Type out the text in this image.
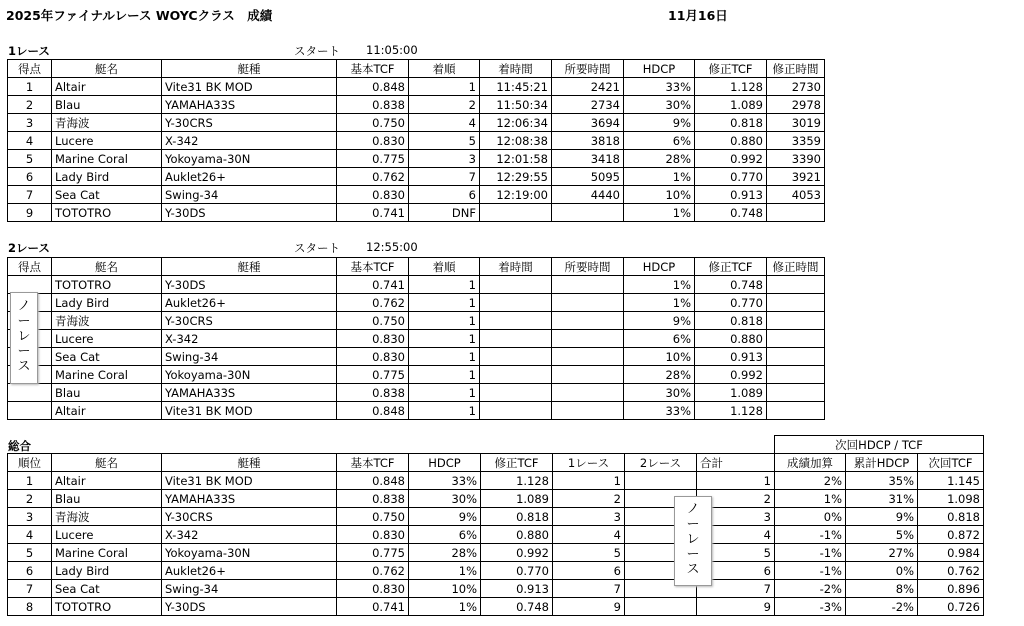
2025年ファイナルレース WOYCクラス　成績	11月16日
1レース	スタート 11:05:00
得点	艇名	艇種	基本TCF	着順	着時間	所要時間	HDCP	修正TCF	修正時間
1	Altair	Vite31 BK MOD	0.848	1	11:45:21	2421	33%	1.128	2730
2	Blau	YAMAHA33S	0.838	2	11:50:34	2734	30%	1.089	2978
3	青海波	Y-30CRS	0.750	4	12:06:34	3694	9%	0.818	3019
4	Lucere	X-342	0.830	5	12:08:38	3818	6%	0.880	3359
5	Marine Coral	Yokoyama-30N	0.775	3	12:01:58	3418	28%	0.992	3390
6	Lady Bird	Auklet26+	0.762	7	12:29:55	5095	1%	0.770	3921
7	Sea Cat	Swing-34	0.830	6	12:19:00	4440	10%	0.913	4053
9	TOTOTRO	Y-30DS	0.741	DNF			1%	0.748	
2レース	スタート 12:55:00
得点	艇名	艇種	基本TCF	着順	着時間	所要時間	HDCP	修正TCF	修正時間
	TOTOTRO	Y-30DS	0.741	1			1%	0.748	
	Lady Bird	Auklet26+	0.762	1			1%	0.770	
	青海波	Y-30CRS	0.750	1			9%	0.818	
	Lucere	X-342	0.830	1			6%	0.880	
	Sea Cat	Swing-34	0.830	1			10%	0.913	
	Marine Coral	Yokoyama-30N	0.775	1			28%	0.992	
	Blau	YAMAHA33S	0.838	1			30%	1.089	
	Altair	Vite31 BK MOD	0.848	1			33%	1.128	
ノ
ー
レ
ー
ス
総合
									次回HDCP / TCF		
順位	艇名	艇種	基本TCF	HDCP	修正TCF	1レース	2レース	合計	成績加算	累計HDCP	次回TCF
1	Altair	Vite31 BK MOD	0.848	33%	1.128	1		1	2%	35%	1.145
2	Blau	YAMAHA33S	0.838	30%	1.089	2		2	1%	31%	1.098
3	青海波	Y-30CRS	0.750	9%	0.818	3		3	0%	9%	0.818
4	Lucere	X-342	0.830	6%	0.880	4		4	-1%	5%	0.872
5	Marine Coral	Yokoyama-30N	0.775	28%	0.992	5		5	-1%	27%	0.984
6	Lady Bird	Auklet26+	0.762	1%	0.770	6		6	-1%	0%	0.762
7	Sea Cat	Swing-34	0.830	10%	0.913	7		7	-2%	8%	0.896
8	TOTOTRO	Y-30DS	0.741	1%	0.748	9		9	-3%	-2%	0.726
ノ
ー
レ
ー
ス
